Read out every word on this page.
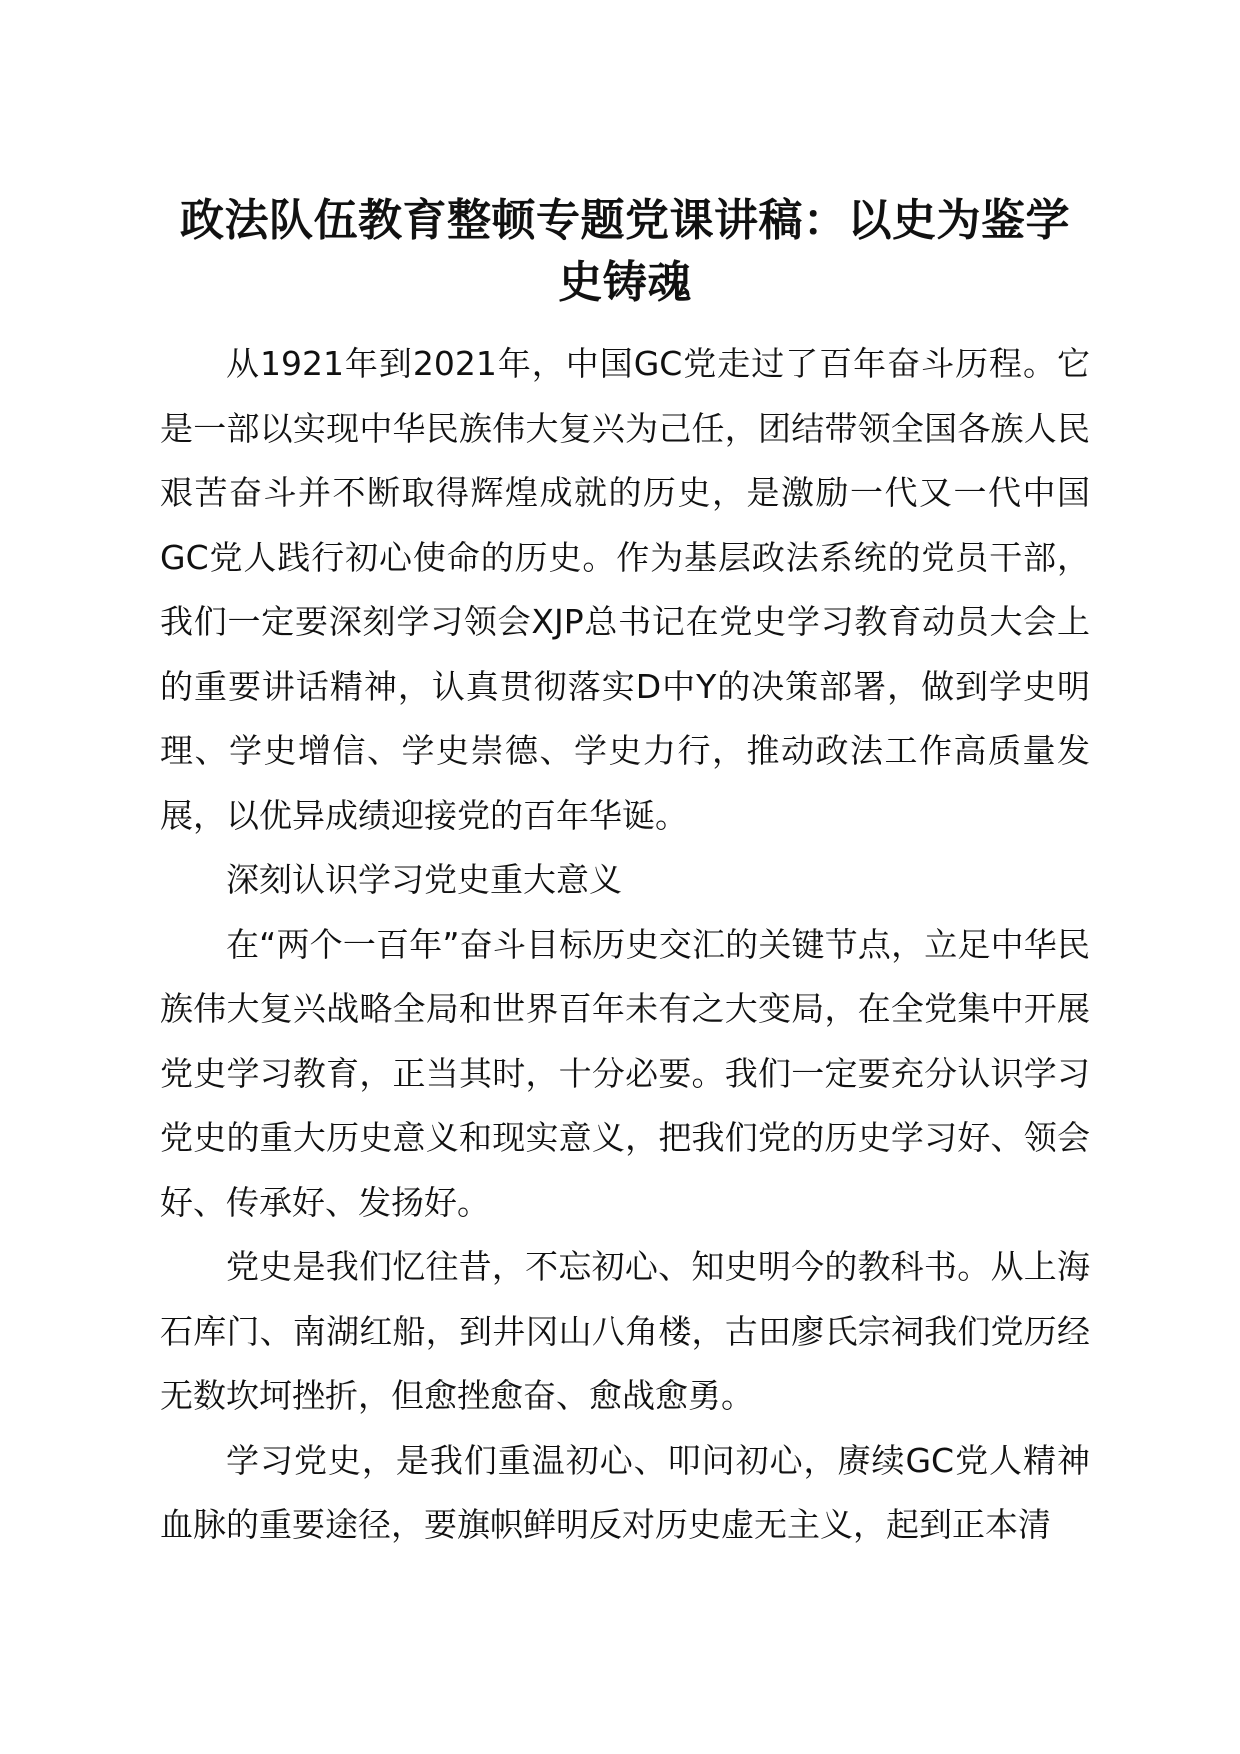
政法队伍教育整顿专题党课讲稿：以史为鉴学史铸魂

从1921年到2021年，中国GC党走过了百年奋斗历程。它是一部以实现中华民族伟大复兴为己任，团结带领全国各族人民艰苦奋斗并不断取得辉煌成就的历史，是激励一代又一代中国GC党人践行初心使命的历史。作为基层政法系统的党员干部，我们一定要深刻学习领会XJP总书记在党史学习教育动员大会上的重要讲话精神，认真贯彻落实D中Y的决策部署，做到学史明理、学史增信、学史崇德、学史力行，推动政法工作高质量发展，以优异成绩迎接党的百年华诞。

深刻认识学习党史重大意义

在“两个一百年”奋斗目标历史交汇的关键节点，立足中华民族伟大复兴战略全局和世界百年未有之大变局，在全党集中开展党史学习教育，正当其时，十分必要。我们一定要充分认识学习党史的重大历史意义和现实意义，把我们党的历史学习好、领会好、传承好、发扬好。

党史是我们忆往昔，不忘初心、知史明今的教科书。从上海石库门、南湖红船，到井冈山八角楼，古田廖氏宗祠我们党历经无数坎坷挫折，但愈挫愈奋、愈战愈勇。

学习党史，是我们重温初心、叩问初心，赓续GC党人精神血脉的重要途径，要旗帜鲜明反对历史虚无主义，起到正本清
